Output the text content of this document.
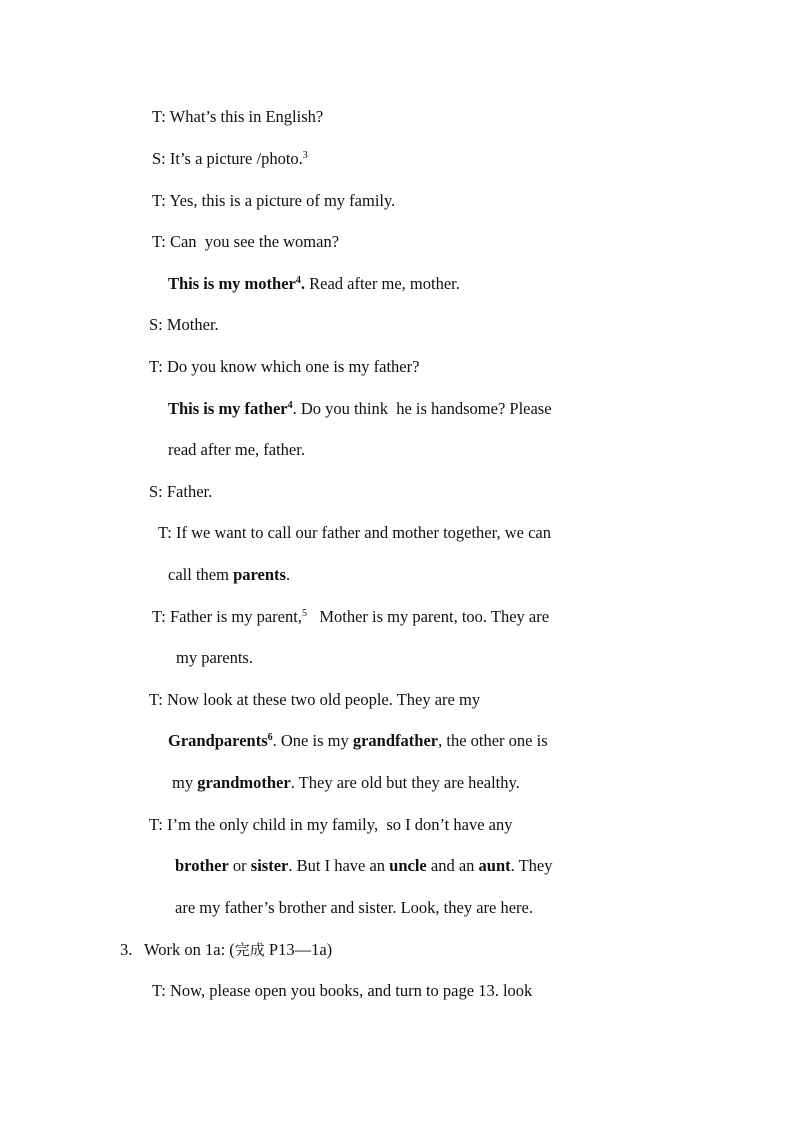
T: What’s this in English?
S: It’s a picture /photo.$^3$
T: Yes, this is a picture of my family.
T: Can  you see the woman?
This is my mother$^4$. Read after me, mother.
S: Mother.
T: Do you know which one is my father?
This is my father$^4$. Do you think  he is handsome? Please
read after me, father.
S: Father.
T: If we want to call our father and mother together, we can
call them parents.
T: Father is my parent,$^5$   Mother is my parent, too. They are
my parents.
T: Now look at these two old people. They are my
Grandparents$^6$. One is my grandfather, the other one is
my grandmother. They are old but they are healthy.
T: I’m the only child in my family,  so I don’t have any
brother or sister. But I have an uncle and an aunt. They
are my father’s brother and sister. Look, they are here.
3. Work on 1a: (完成 P13—1a)
T: Now, please open you books, and turn to page 13. look
